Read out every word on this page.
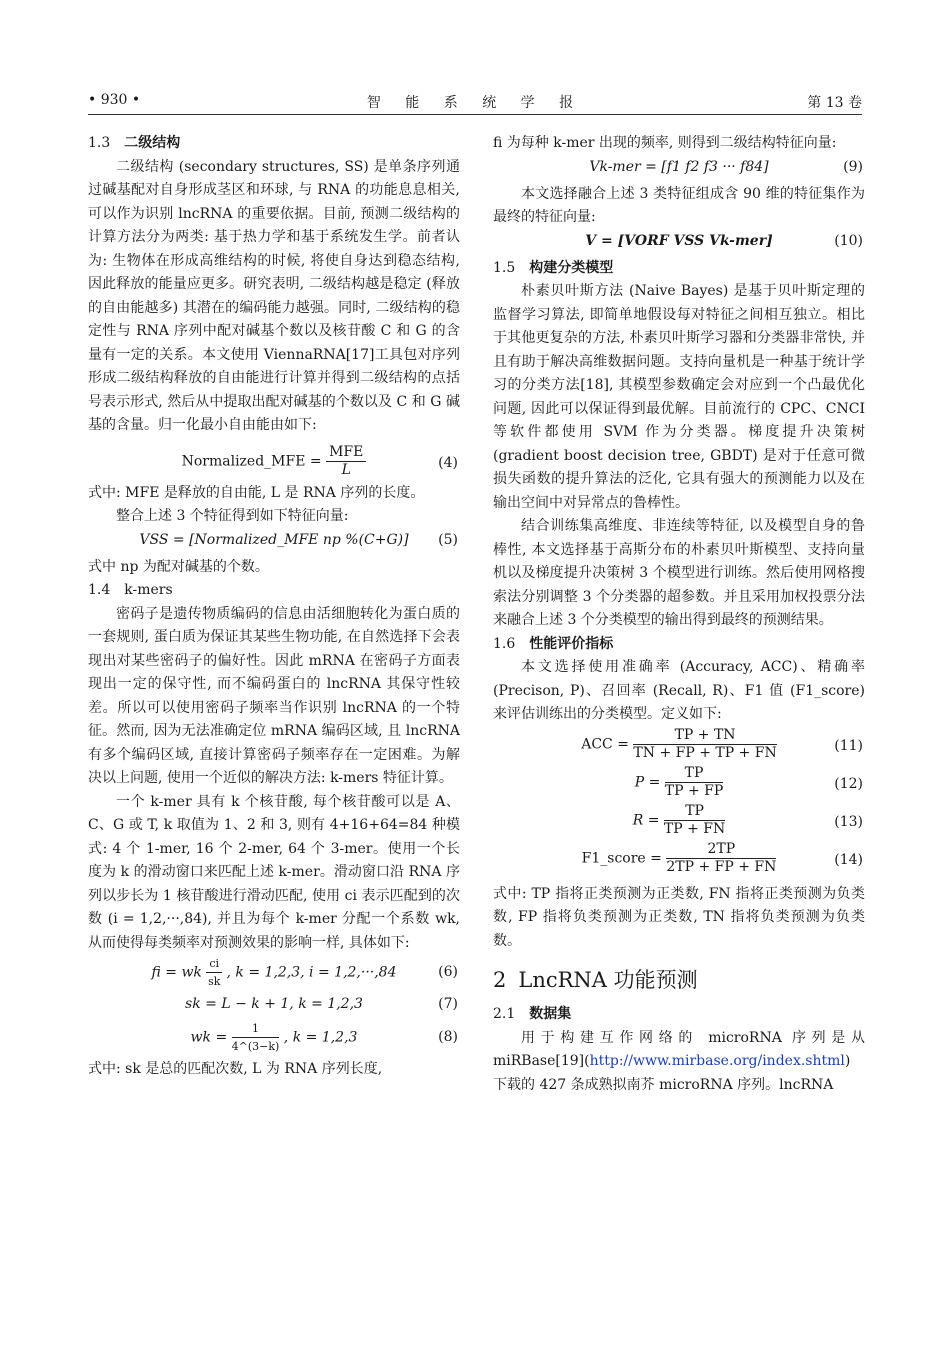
• 930 •	智 能 系 统 学 报	第 13 卷

1.3 二级结构

二级结构 (secondary structures, SS) 是单条序列通过碱基配对自身形成茎区和环球, 与 RNA 的功能息息相关, 可以作为识别 lncRNA 的重要依据。目前, 预测二级结构的计算方法分为两类: 基于热力学和基于系统发生学。前者认为: 生物体在形成高维结构的时候, 将使自身达到稳态结构, 因此释放的能量应更多。研究表明, 二级结构越是稳定 (释放的自由能越多) 其潜在的编码能力越强。同时, 二级结构的稳定性与 RNA 序列中配对碱基个数以及核苷酸 C 和 G 的含量有一定的关系。本文使用 ViennaRNA[17]工具包对序列形成二级结构释放的自由能进行计算并得到二级结构的点括号表示形式, 然后从中提取出配对碱基的个数以及 C 和 G 碱基的含量。归一化最小自由能由如下:

Normalized_MFE = $\frac{\text{MFE}}{L}$	(4)

式中: MFE 是释放的自由能, L 是 RNA 序列的长度。

整合上述 3 个特征得到如下特征向量:

VSS = [Normalized_MFE np %(C+G)] (5)

式中 np 为配对碱基的个数。

1.4 k-mers

密码子是遗传物质编码的信息由活细胞转化为蛋白质的一套规则, 蛋白质为保证其某些生物功能, 在自然选择下会表现出对某些密码子的偏好性。因此 mRNA 在密码子方面表现出一定的保守性, 而不编码蛋白的 lncRNA 其保守性较差。所以可以使用密码子频率当作识别 lncRNA 的一个特征。然而, 因为无法准确定位 mRNA 编码区域, 且 lncRNA 有多个编码区域, 直接计算密码子频率存在一定困难。为解决以上问题, 使用一个近似的解决方法: k-mers 特征计算。

一个 k-mer 具有 k 个核苷酸, 每个核苷酸可以是 A、C、G 或 T, k 取值为 1、2 和 3, 则有 4+16+64=84 种模式: 4 个 1-mer, 16 个 2-mer, 64 个 3-mer。使用一个长度为 k 的滑动窗口来匹配上述 k-mer。滑动窗口沿 RNA 序列以步长为 1 核苷酸进行滑动匹配, 使用 ci 表示匹配到的次数 (i = 1,2,···,84), 并且为每个 k-mer 分配一个系数 wk, 从而使得每类频率对预测效果的影响一样, 具体如下:

fi = wk $\frac{ci}{sk}$ , k = 1,2,3, i = 1,2,···,84	(6)
sk = L − k + 1, k = 1,2,3	(7)
wk = $\frac{1}{4\^{}(3-k)}$ , k = 1,2,3	(8)

式中: sk 是总的匹配次数, L 为 RNA 序列长度,

fi 为每种 k-mer 出现的频率, 则得到二级结构特征向量:

Vk-mer = [f1 f2 f3 ··· f84]	(9)

本文选择融合上述 3 类特征组成含 90 维的特征集作为最终的特征向量:

V = [VORF VSS Vk-mer]	(10)

1.5 构建分类模型

朴素贝叶斯方法 (Naive Bayes) 是基于贝叶斯定理的监督学习算法, 即简单地假设每对特征之间相互独立。相比于其他更复杂的方法, 朴素贝叶斯学习器和分类器非常快, 并且有助于解决高维数据问题。支持向量机是一种基于统计学习的分类方法[18], 其模型参数确定会对应到一个凸最优化问题, 因此可以保证得到最优解。目前流行的 CPC、CNCI 等软件都使用 SVM 作为分类器。梯度提升决策树 (gradient boost decision tree, GBDT) 是对于任意可微损失函数的提升算法的泛化, 它具有强大的预测能力以及在输出空间中对异常点的鲁棒性。

结合训练集高维度、非连续等特征, 以及模型自身的鲁棒性, 本文选择基于高斯分布的朴素贝叶斯模型、支持向量机以及梯度提升决策树 3 个模型进行训练。然后使用网格搜索法分别调整 3 个分类器的超参数。并且采用加权投票分法来融合上述 3 个分类模型的输出得到最终的预测结果。

1.6 性能评价指标

本文选择使用准确率 (Accuracy, ACC)、精确率 (Precison, P)、召回率 (Recall, R)、F1 值 (F1_score) 来评估训练出的分类模型。定义如下:

ACC = $\frac{TP + TN}{TN + FP + TP + FN}$	(11)
$P = \frac{TP}{TP + FP}$	(12)
$R = \frac{TP}{TP + FN}$	(13)
F1_score = $\frac{2TP}{2TP + FP + FN}$	(14)

式中: TP 指将正类预测为正类数, FN 指将正类预测为负类数, FP 指将负类预测为正类数, TN 指将负类预测为负类数。

2 LncRNA 功能预测

2.1 数据集

用于构建互作网络的 microRNA 序列是从 miRBase[19](http://www.mirbase.org/index.shtml) 下载的 427 条成熟拟南芥 microRNA 序列。lncRNA
